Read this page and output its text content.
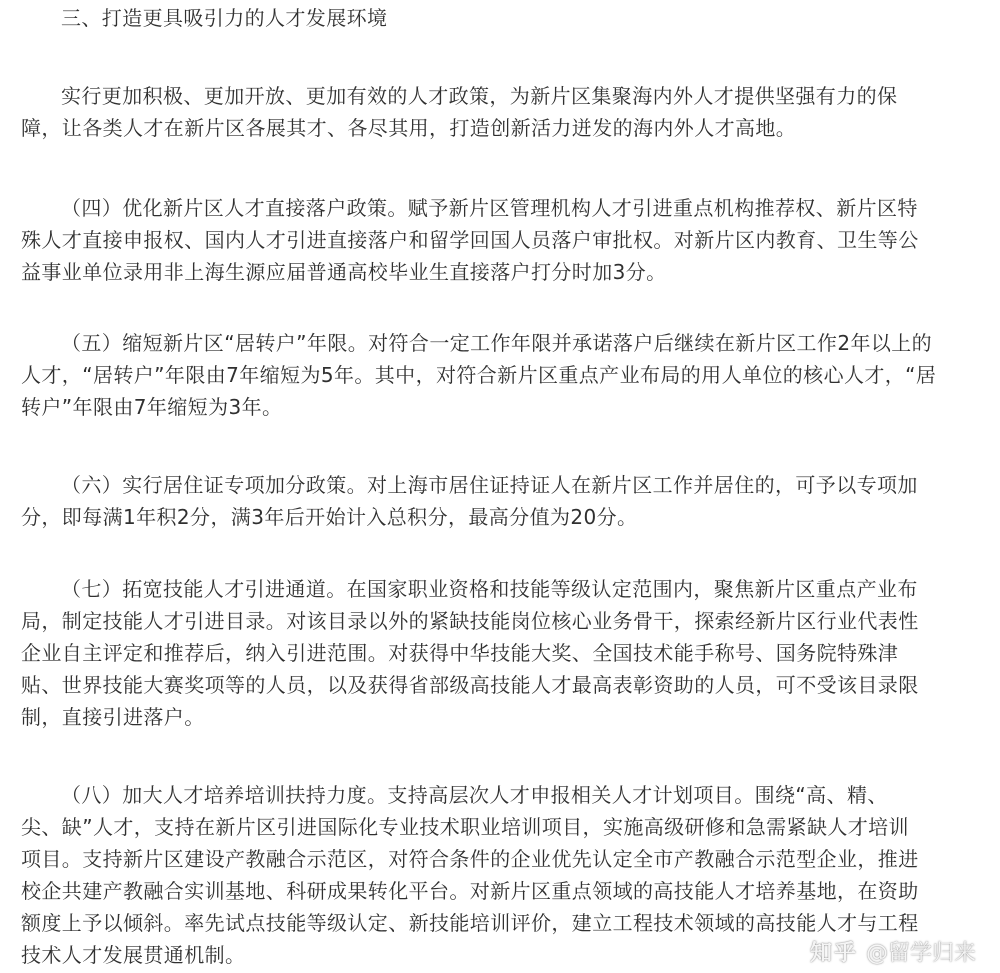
三、打造更具吸引力的人才发展环境
实行更加积极、更加开放、更加有效的人才政策，为新片区集聚海内外人才提供坚强有力的保
障，让各类人才在新片区各展其才、各尽其用，打造创新活力迸发的海内外人才高地。
（四）优化新片区人才直接落户政策。赋予新片区管理机构人才引进重点机构推荐权、新片区特
殊人才直接申报权、国内人才引进直接落户和留学回国人员落户审批权。对新片区内教育、卫生等公
益事业单位录用非上海生源应届普通高校毕业生直接落户打分时加3分。
（五）缩短新片区“居转户”年限。对符合一定工作年限并承诺落户后继续在新片区工作2年以上的
人才，“居转户”年限由7年缩短为5年。其中，对符合新片区重点产业布局的用人单位的核心人才，“居
转户”年限由7年缩短为3年。
（六）实行居住证专项加分政策。对上海市居住证持证人在新片区工作并居住的，可予以专项加
分，即每满1年积2分，满3年后开始计入总积分，最高分值为20分。
（七）拓宽技能人才引进通道。在国家职业资格和技能等级认定范围内，聚焦新片区重点产业布
局，制定技能人才引进目录。对该目录以外的紧缺技能岗位核心业务骨干，探索经新片区行业代表性
企业自主评定和推荐后，纳入引进范围。对获得中华技能大奖、全国技术能手称号、国务院特殊津
贴、世界技能大赛奖项等的人员，以及获得省部级高技能人才最高表彰资助的人员，可不受该目录限
制，直接引进落户。
（八）加大人才培养培训扶持力度。支持高层次人才申报相关人才计划项目。围绕“高、精、
尖、缺”人才，支持在新片区引进国际化专业技术职业培训项目，实施高级研修和急需紧缺人才培训
项目。支持新片区建设产教融合示范区，对符合条件的企业优先认定全市产教融合示范型企业，推进
校企共建产教融合实训基地、科研成果转化平台。对新片区重点领域的高技能人才培养基地，在资助
额度上予以倾斜。率先试点技能等级认定、新技能培训评价，建立工程技术领域的高技能人才与工程
技术人才发展贯通机制。	知乎 @留学归来
